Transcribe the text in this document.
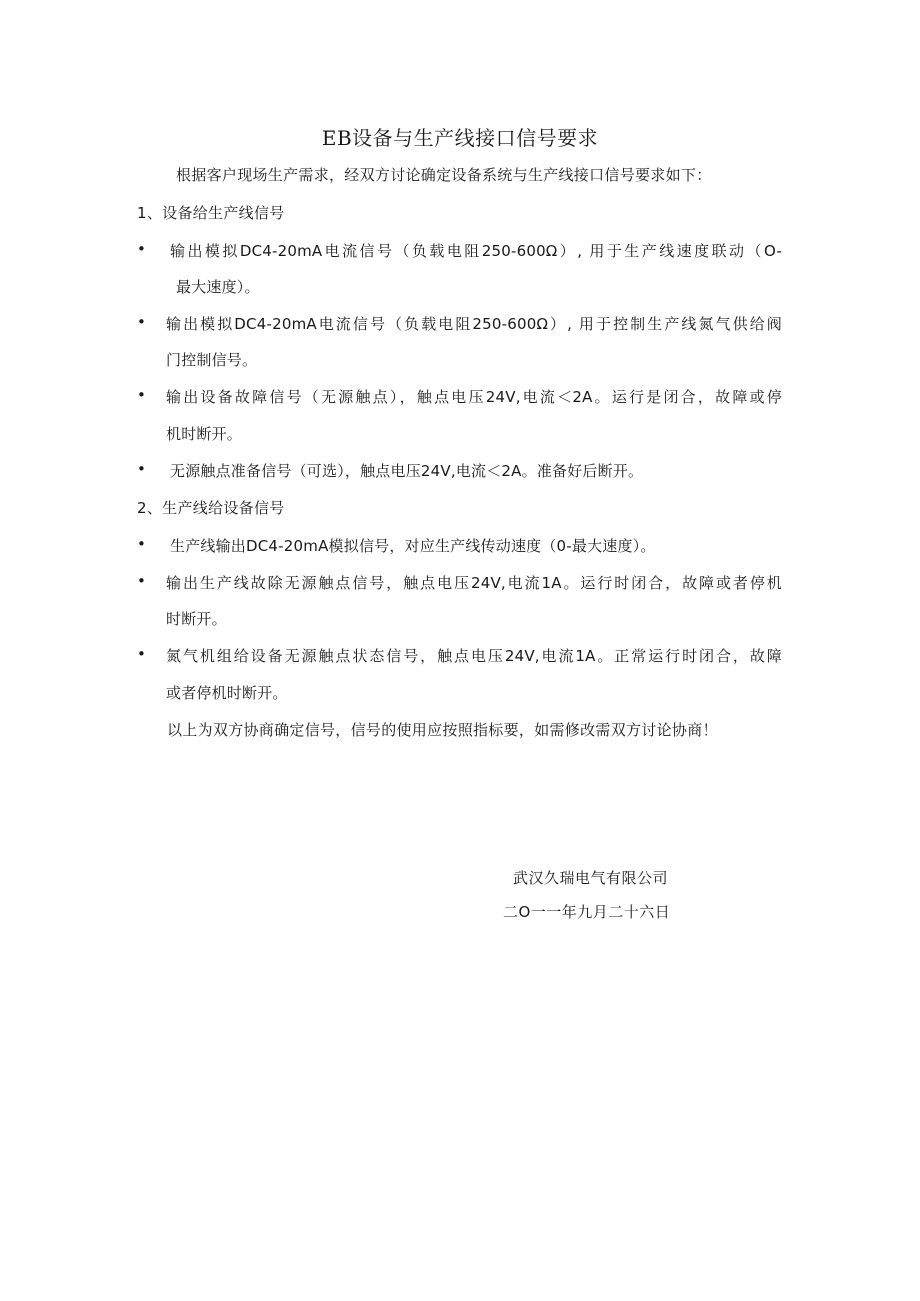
EB设备与生产线接口信号要求
根据客户现场生产需求，经双方讨论确定设备系统与生产线接口信号要求如下：
1、设备给生产线信号
• 输出模拟DC4-20mA电流信号（负载电阻250-600Ω）, 用于生产线速度联动（O-
最大速度）。
• 输出模拟DC4-20mA电流信号（负载电阻250-600Ω）, 用于控制生产线氮气供给阀
门控制信号。
• 输出设备故障信号（无源触点），触点电压24V,电流＜2A。运行是闭合，故障或停
机时断开。
• 无源触点准备信号（可选），触点电压24V,电流＜2A。准备好后断开。
2、生产线给设备信号
• 生产线输出DC4-20mA模拟信号，对应生产线传动速度（0-最大速度）。
• 输出生产线故除无源触点信号，触点电压24V,电流1A。运行时闭合，故障或者停机
时断开。
• 氮气机组给设备无源触点状态信号，触点电压24V,电流1A。正常运行时闭合，故障
或者停机时断开。
以上为双方协商确定信号，信号的使用应按照指标要，如需修改需双方讨论协商！
武汉久瑞电气有限公司
二O一一年九月二十六日
